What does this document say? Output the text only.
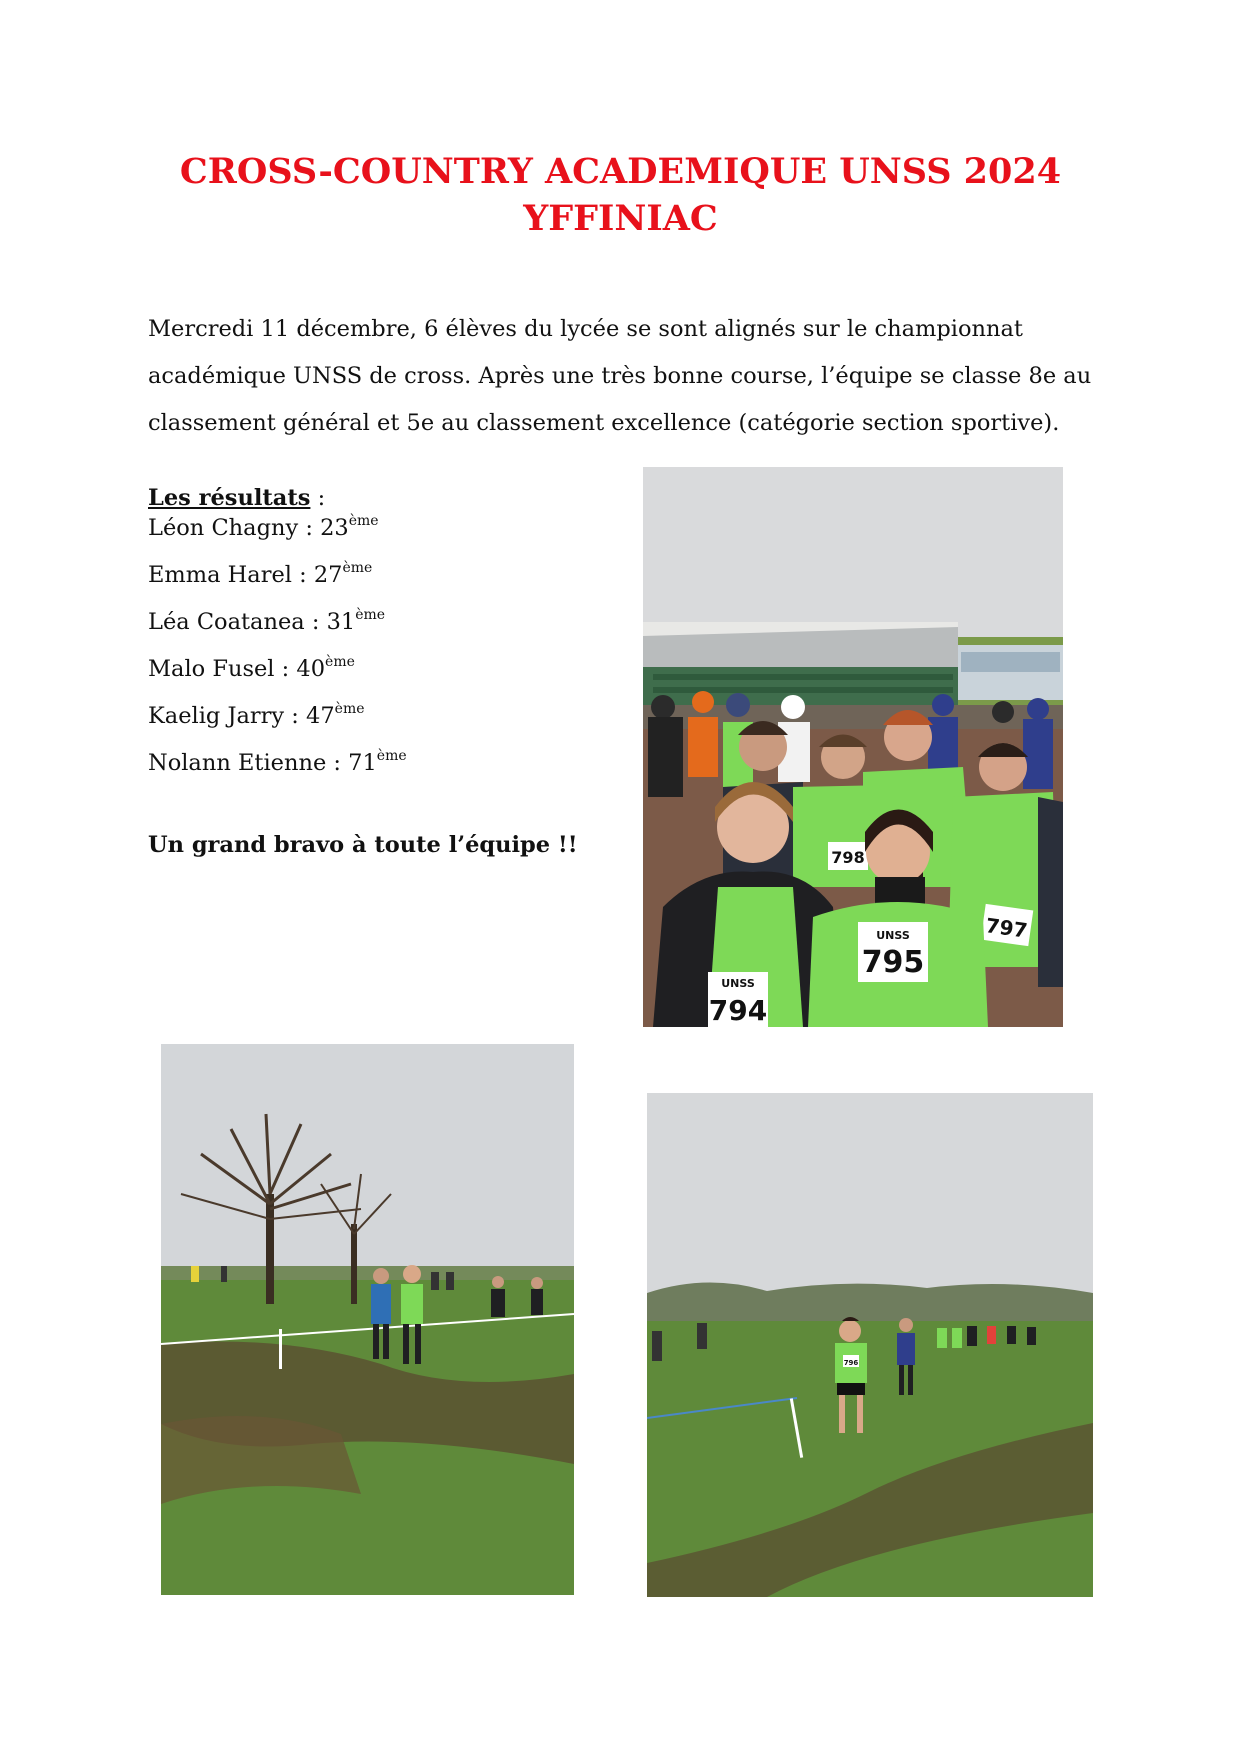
CROSS-COUNTRY ACADEMIQUE UNSS 2024
YFFINIAC

Mercredi 11 décembre, 6 élèves du lycée se sont alignés sur le championnat académique UNSS de cross. Après une très bonne course, l’équipe se classe 8e au classement général et 5e au classement excellence (catégorie section sportive).

Les résultats :

Léon Chagny : 23ème
Emma Harel : 27ème
Léa Coatanea : 31ème
Malo Fusel : 40ème
Kaelig Jarry : 47ème
Nolann Etienne : 71ème

Un grand bravo à toute l’équipe !!	798
797
UNSS
794
UNSS
795
796
